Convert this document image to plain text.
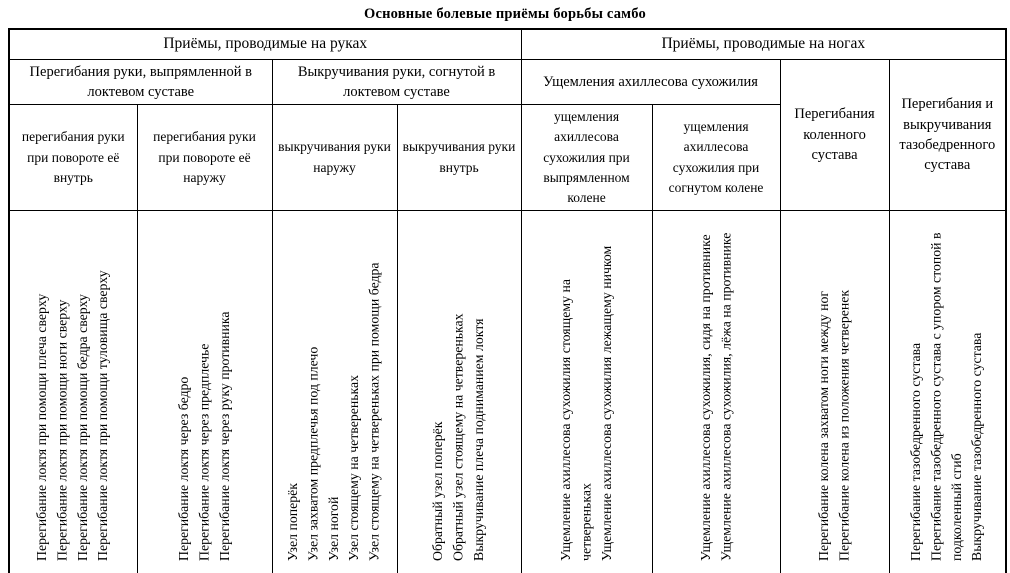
Основные болевые приёмы борьбы самбо
Приёмы, проводимые на руках				Приёмы, проводимые на ногах			
Перегибания руки, выпрямленной в локтевом суставе		Выкручивания руки, согнутой в локтевом суставе		Ущемления ахиллесова сухожилия		Перегибания коленного сустава	Перегибания и выкручивания тазобедренного сустава
перегибания руки при повороте её внутрь	перегибания руки при повороте её наружу	выкручивания руки наружу	выкручивания руки внутрь	ущемления ахиллесова сухожилия при выпрямленном колене	ущемления ахиллесова сухожилия при согнутом колене		

Перегибание локтя при помощи плеча сверху Перегибание локтя при помощи ноги сверху Перегибание локтя при помощи бедра сверху Перегибание локтя при помощи туловища сверху	Перегибание локтя через бедро Перегибание локтя через предплечье Перегибание локтя через руку противника	Узел поперёк Узел захватом предплечья под плечо Узел ногой Узел стоящему на четвереньках Узел стоящему на четвереньках при помощи бедра	Обратный узел поперёк Обратный узел стоящему на четвереньках Выкручивание плеча подниманием локтя	Ущемление ахиллесова сухожилия стоящему на четвереньках Ущемление ахиллесова сухожилия лежащему ничком	Ущемление ахиллесова сухожилия, сидя на противнике Ущемление ахиллесова сухожилия, лёжа на противнике	Перегибание колена захватом ноги между ног Перегибание колена из положения четверенек	Перегибание тазобедренного сустава Перегибание тазобедренного сустава с упором стопой в подколенный сгиб Выкручивание тазобедренного сустава
